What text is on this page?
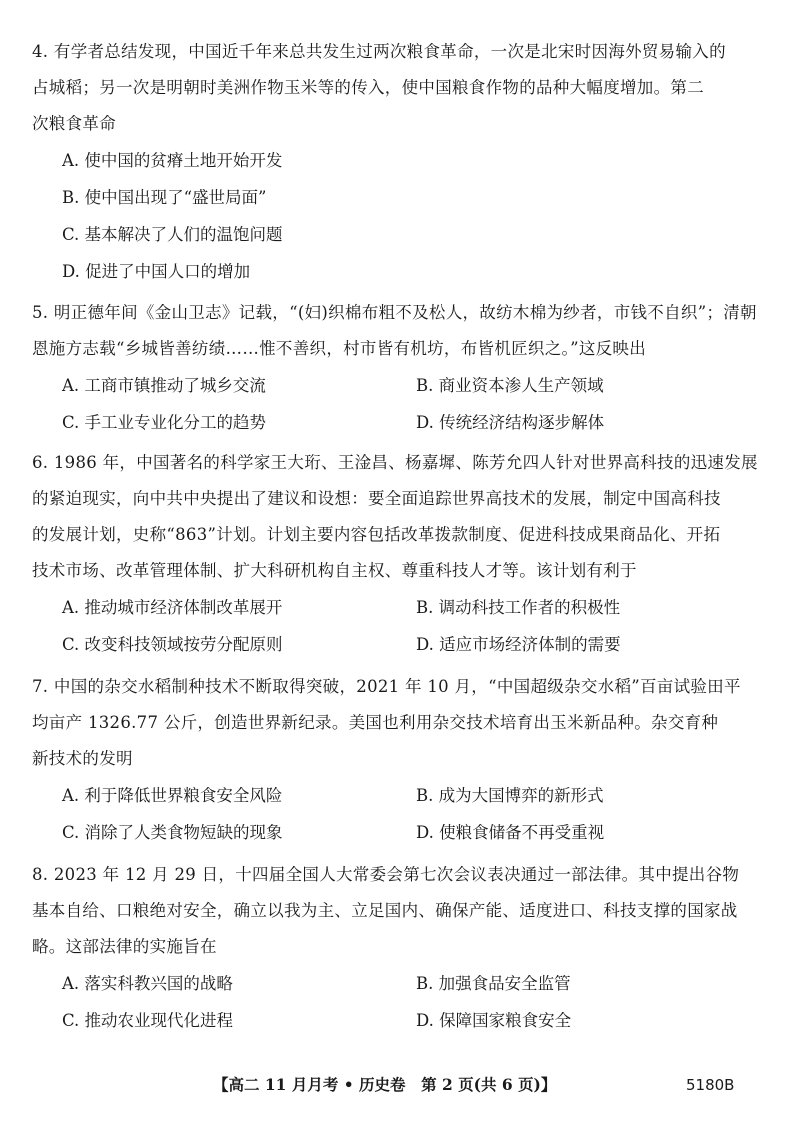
4. 有学者总结发现，中国近千年来总共发生过两次粮食革命，一次是北宋时因海外贸易输入的
占城稻；另一次是明朝时美洲作物玉米等的传入，使中国粮食作物的品种大幅度增加。第二
次粮食革命

A. 使中国的贫瘠土地开始开发
B. 使中国出现了“盛世局面”
C. 基本解决了人们的温饱问题
D. 促进了中国人口的增加

5. 明正德年间《金山卫志》记载，“(妇)织棉布粗不及松人，故纺木棉为纱者，市钱不自织”；清朝
恩施方志载“乡城皆善纺绩……惟不善织，村市皆有机坊，布皆机匠织之。”这反映出

A. 工商市镇推动了城乡交流	B. 商业资本渗人生产领域
C. 手工业专业化分工的趋势	D. 传统经济结构逐步解体

6. 1986 年，中国著名的科学家王大珩、王淦昌、杨嘉墀、陈芳允四人针对世界高科技的迅速发展
的紧迫现实，向中共中央提出了建议和设想：要全面追踪世界高技术的发展，制定中国高科技
的发展计划，史称“863”计划。计划主要内容包括改革拨款制度、促进科技成果商品化、开拓
技术市场、改革管理体制、扩大科研机构自主权、尊重科技人才等。该计划有利于

A. 推动城市经济体制改革展开	B. 调动科技工作者的积极性
C. 改变科技领域按劳分配原则	D. 适应市场经济体制的需要

7. 中国的杂交水稻制种技术不断取得突破，2021 年 10 月，“中国超级杂交水稻”百亩试验田平
均亩产 1326.77 公斤，创造世界新纪录。美国也利用杂交技术培育出玉米新品种。杂交育种
新技术的发明

A. 利于降低世界粮食安全风险	B. 成为大国博弈的新形式
C. 消除了人类食物短缺的现象	D. 使粮食储备不再受重视

8. 2023 年 12 月 29 日，十四届全国人大常委会第七次会议表决通过一部法律。其中提出谷物
基本自给、口粮绝对安全，确立以我为主、立足国内、确保产能、适度进口、科技支撑的国家战
略。这部法律的实施旨在

A. 落实科教兴国的战略	B. 加强食品安全监管
C. 推动农业现代化进程	D. 保障国家粮食安全
【高二 11 月月考 • 历史卷　第 2 页(共 6 页)】	5180B
